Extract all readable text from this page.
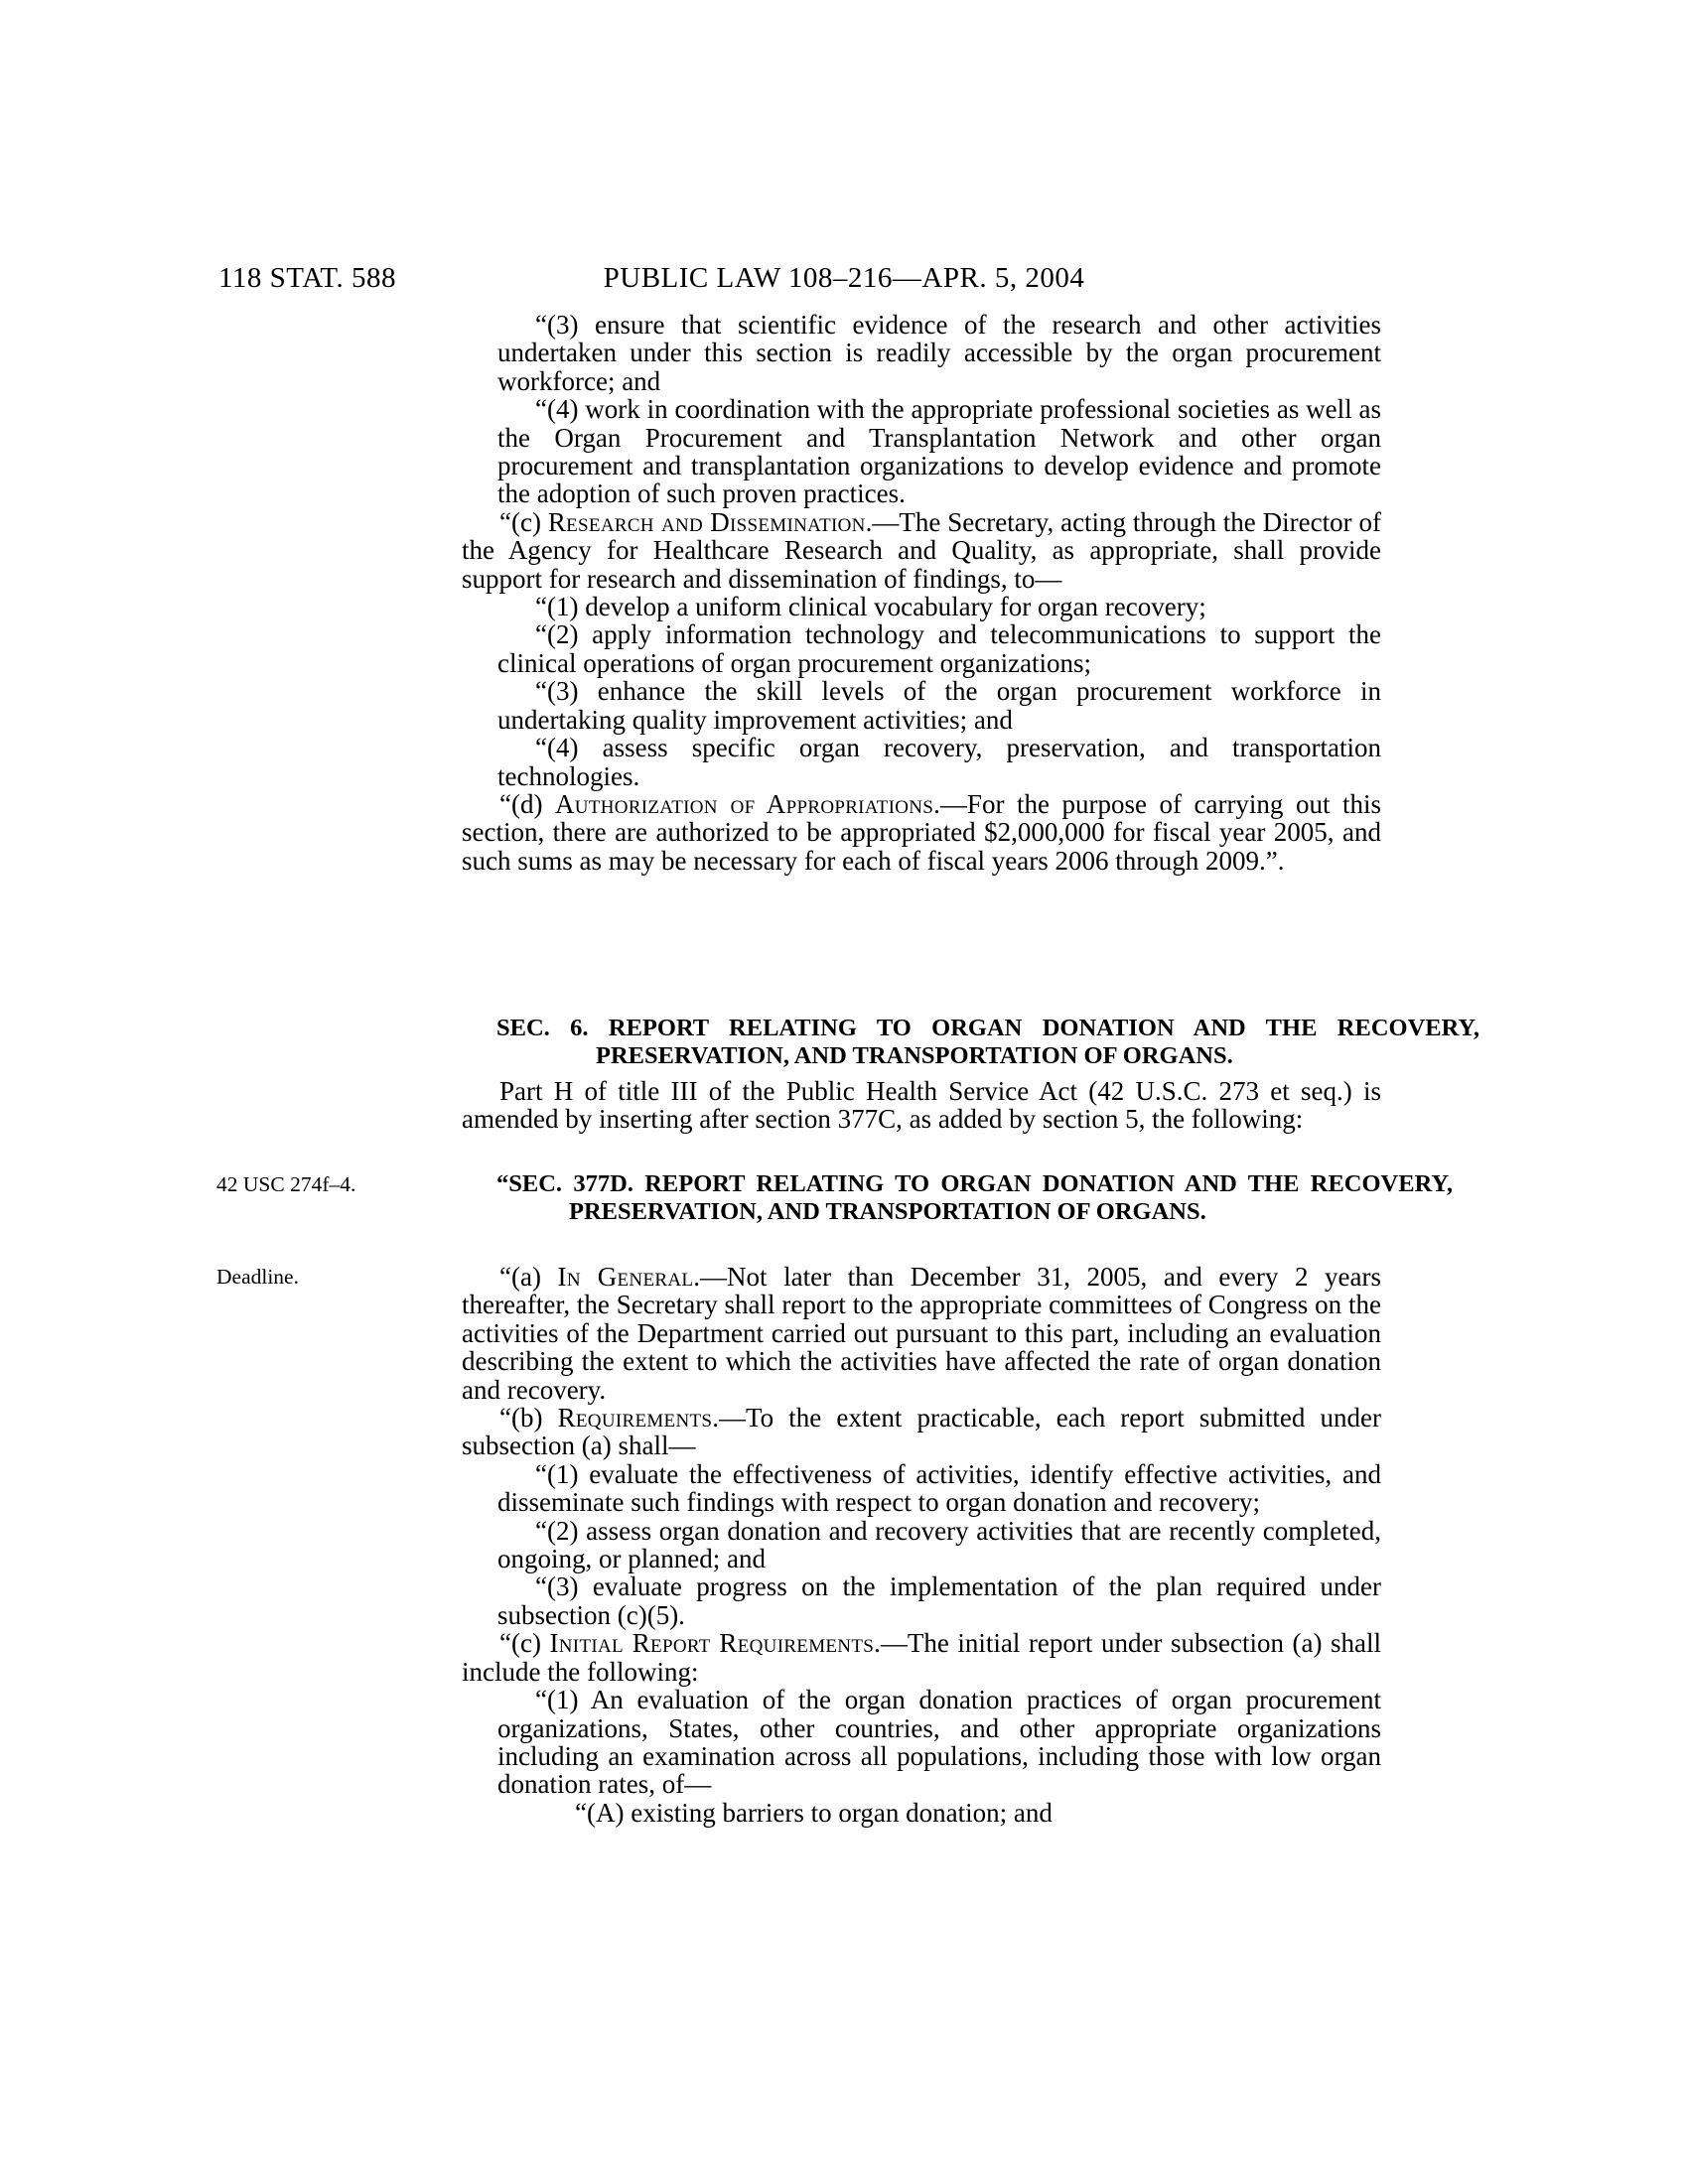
PUBLIC LAW 108–216—APR. 5, 2004
118 STAT. 588
42 USC 274f–4.
Deadline.
“(3) ensure that scientific evidence of the research and other activities undertaken under this section is readily accessible by the organ procurement workforce; and
“(4) work in coordination with the appropriate professional societies as well as the Organ Procurement and Transplantation Network and other organ procurement and transplantation organizations to develop evidence and promote the adoption of such proven practices.
“(c) Research and Dissemination.—The Secretary, acting through the Director of the Agency for Healthcare Research and Quality, as appropriate, shall provide support for research and dissemination of findings, to—
“(1) develop a uniform clinical vocabulary for organ recovery;
“(2) apply information technology and telecommunications to support the clinical operations of organ procurement organizations;
“(3) enhance the skill levels of the organ procurement workforce in undertaking quality improvement activities; and
“(4) assess specific organ recovery, preservation, and transportation technologies.
“(d) Authorization of Appropriations.—For the purpose of carrying out this section, there are authorized to be appropriated $2,000,000 for fiscal year 2005, and such sums as may be necessary for each of fiscal years 2006 through 2009.”.
SEC. 6. REPORT RELATING TO ORGAN DONATION AND THE RECOVERY, PRESERVATION, AND TRANSPORTATION OF ORGANS.
Part H of title III of the Public Health Service Act (42 U.S.C. 273 et seq.) is amended by inserting after section 377C, as added by section 5, the following:
“SEC. 377D. REPORT RELATING TO ORGAN DONATION AND THE RECOVERY, PRESERVATION, AND TRANSPORTATION OF ORGANS.
“(a) In General.—Not later than December 31, 2005, and every 2 years thereafter, the Secretary shall report to the appropriate committees of Congress on the activities of the Department carried out pursuant to this part, including an evaluation describing the extent to which the activities have affected the rate of organ donation and recovery.
“(b) Requirements.—To the extent practicable, each report submitted under subsection (a) shall—
“(1) evaluate the effectiveness of activities, identify effective activities, and disseminate such findings with respect to organ donation and recovery;
“(2) assess organ donation and recovery activities that are recently completed, ongoing, or planned; and
“(3) evaluate progress on the implementation of the plan required under subsection (c)(5).
“(c) Initial Report Requirements.—The initial report under subsection (a) shall include the following:
“(1) An evaluation of the organ donation practices of organ procurement organizations, States, other countries, and other appropriate organizations including an examination across all populations, including those with low organ donation rates, of—
“(A) existing barriers to organ donation; and
